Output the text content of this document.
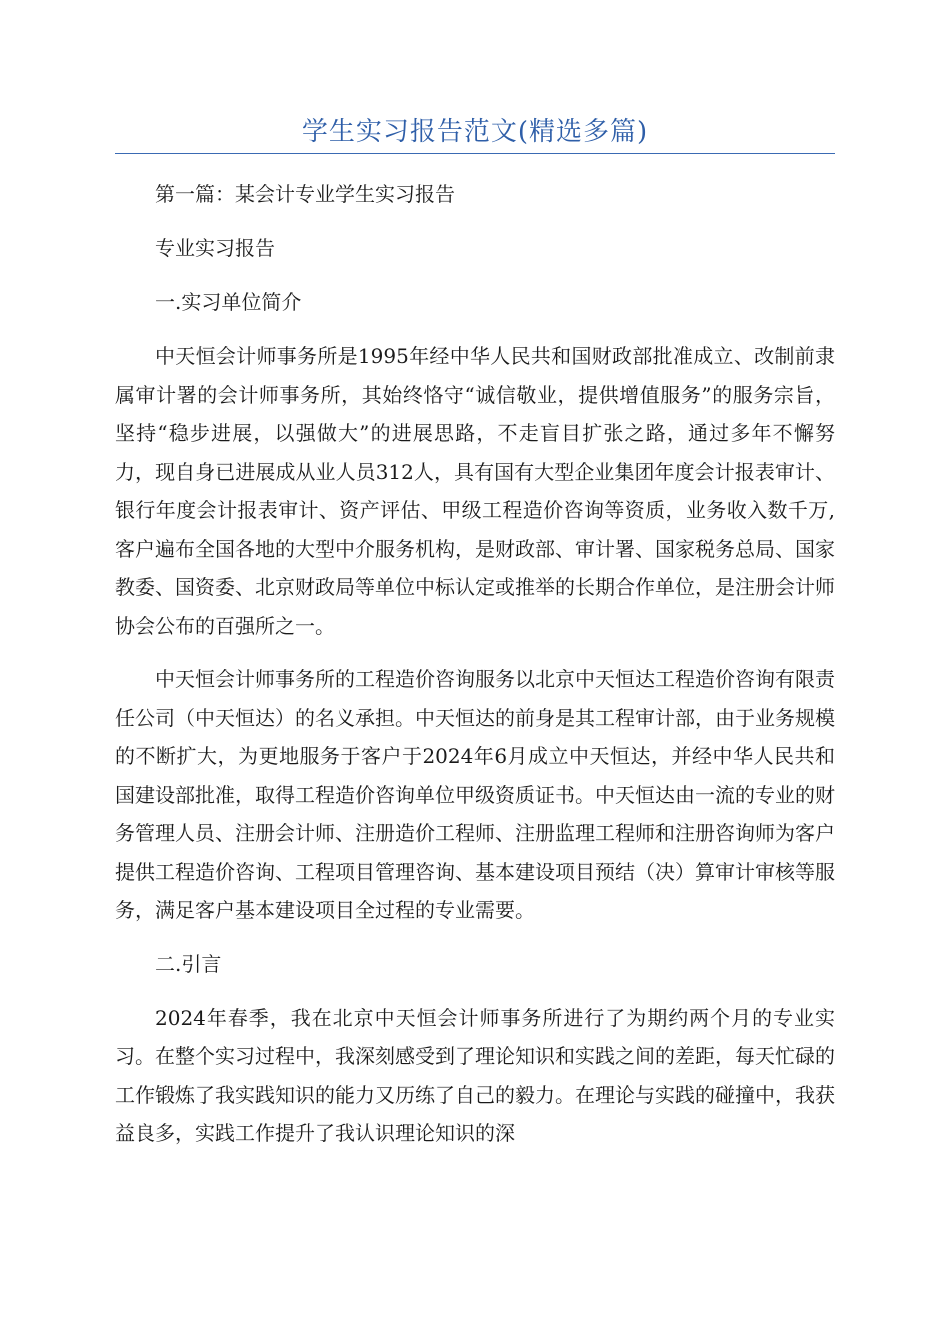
学生实习报告范文(精选多篇)

第一篇：某会计专业学生实习报告

专业实习报告

一.实习单位简介

中天恒会计师事务所是1995年经中华人民共和国财政部批准成立、改制前隶属审计署的会计师事务所，其始终恪守“诚信敬业，提供增值服务”的服务宗旨，坚持“稳步进展，以强做大”的进展思路，不走盲目扩张之路，通过多年不懈努力，现自身已进展成从业人员312人，具有国有大型企业集团年度会计报表审计、银行年度会计报表审计、资产评估、甲级工程造价咨询等资质，业务收入数千万,客户遍布全国各地的大型中介服务机构，是财政部、审计署、国家税务总局、国家教委、国资委、北京财政局等单位中标认定或推举的长期合作单位，是注册会计师协会公布的百强所之一。

中天恒会计师事务所的工程造价咨询服务以北京中天恒达工程造价咨询有限责任公司（中天恒达）的名义承担。中天恒达的前身是其工程审计部，由于业务规模的不断扩大，为更地服务于客户于2024年6月成立中天恒达，并经中华人民共和国建设部批准，取得工程造价咨询单位甲级资质证书。中天恒达由一流的专业的财务管理人员、注册会计师、注册造价工程师、注册监理工程师和注册咨询师为客户提供工程造价咨询、工程项目管理咨询、基本建设项目预结（决）算审计审核等服务，满足客户基本建设项目全过程的专业需要。

二.引言

2024年春季，我在北京中天恒会计师事务所进行了为期约两个月的专业实习。在整个实习过程中，我深刻感受到了理论知识和实践之间的差距，每天忙碌的工作锻炼了我实践知识的能力又历练了自己的毅力。在理论与实践的碰撞中，我获益良多，实践工作提升了我认识理论知识的深
